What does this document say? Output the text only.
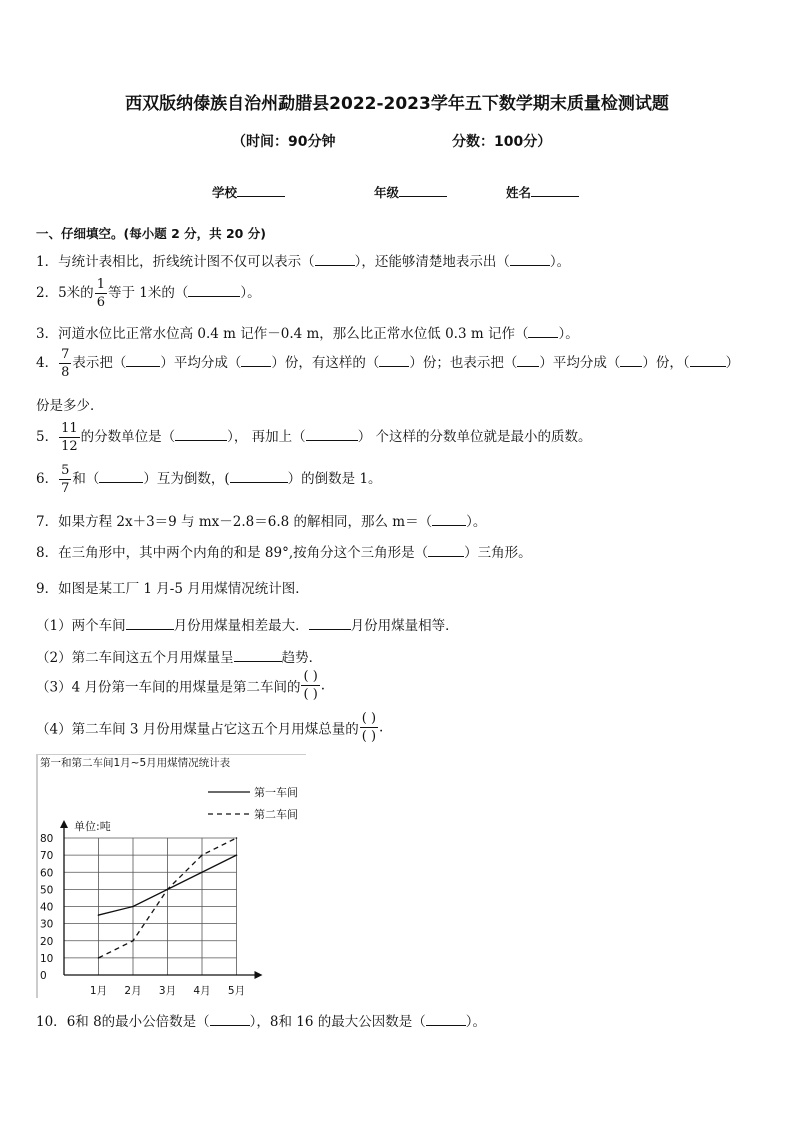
西双版纳傣族自治州勐腊县2022-2023学年五下数学期末质量检测试题
（时间：90分钟	分数：100分）
学校	年级	姓名
一、仔细填空。(每小题 2 分，共 20 分)
1．与统计表相比，折线统计图不仅可以表示（	），还能够清楚地表示出（	）。
2．5米的 $\frac{1}{6}$ 等于 1米的（	）。
3．河道水位比正常水位高 0.4 m 记作－0.4 m，那么比正常水位低 0.3 m 记作（ ）。
4． $\frac{7}{8}$ 表示把（	）平均分成（ ）份，有这样的（ ）份；也表示把（ ）平均分成（ ）份，（	）
份是多少．
5． $\frac{11}{12}$ 的分数单位是（	）， 再加上（	） 个这样的分数单位就是最小的质数。
6． $\frac{5}{7}$ 和（	）互为倒数，(	）的倒数是 1。
7．如果方程 2x＋3＝9 与 mx－2.8＝6.8 的解相同，那么 m＝（	）。
8．在三角形中，其中两个内角的和是 89°,按角分这个三角形是（	）三角形。
9．如图是某工厂 1 月-5 月用煤情况统计图．
（1）两个车间	月份用煤量相差最大．	月份用煤量相等．
（2）第二车间这五个月用煤量呈	趋势．
（3）4 月份第一车间的用煤量是第二车间的 $\frac{( )}{( )}$ .
（4）第二车间 3 月份用煤量占它这五个月用煤总量的 $\frac{( )}{( )}$ .
第一和第二车间1月~5月用煤情况统计表
第一车间
第二车间
单位:吨
0
10
20
30
40
50
60
70
80
1月 2月 3月 4月 5月
10．6和 8的最小公倍数是（	），8和 16 的最大公因数是（	）。
